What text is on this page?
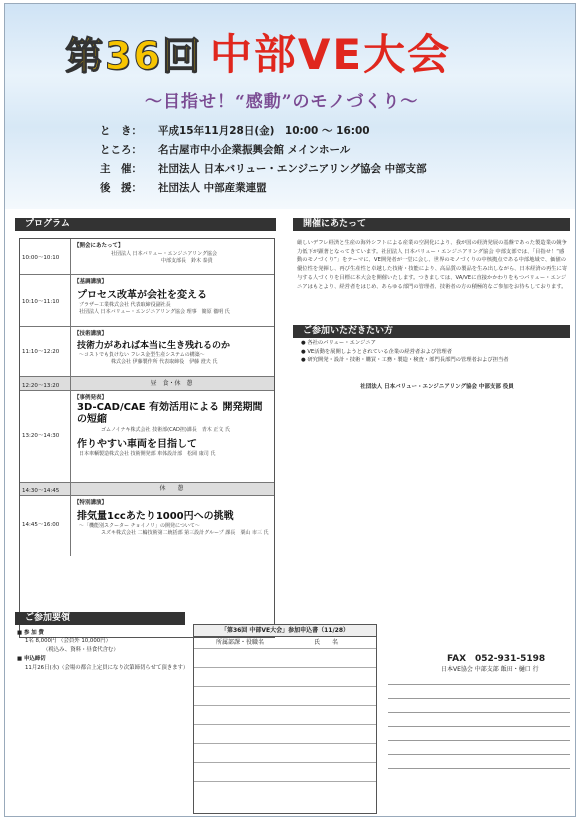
第36回 中部VE大会
〜目指せ！“感動”のモノづくり〜
と　き：	平成15年11月28日(金)　10:00 〜 16:00
ところ：	名古屋市中小企業振興会館 メインホール
主　催：	社団法人 日本バリュー・エンジニアリング協会 中部支部
後　援：	社団法人 中部産業連盟
プログラム	開催にあたって
10:00〜10:10
【開会にあたって】
社団法人 日本バリュー・エンジニアリング協会
中部支部長　鈴木 泰貴
10:10〜11:10
【基調講演】
プロセス改革が会社を変える
ブラザー工業株式会社 代表取締役副社長
社団法人 日本バリュー・エンジニアリング協会 理事　簡原 徹明 氏
11:10〜12:20
【技術講演】
技術力があれば本当に生き残れるのか
〜コストでも負けない フレス金型生産システムの構築〜
株式会社 伊藤製作所 代表取締役　伊藤 澄夫 氏
12:20〜13:20	昼　食・休　憩
13:20〜14:30
【事例発表】
3D-CAD/CAE 有効活用による 開発期間の短縮
ゴムノイナキ株式会社 技術部(CAD担)課長　青木 正文 氏
作りやすい車両を目指して
日本車輌製造株式会社 技術開発部 車体設計部　松岡 康司 氏
14:30〜14:45	休　　憩
14:45〜16:00
【特別講演】
排気量1ccあたり1000円への挑戦
〜「機能別スクーター チョイノリ」の開発について〜
スズキ株式会社 二輪技術第二統括部 第三設計グループ 課長　粟山 市三 氏
厳しいデフレ経済と生産の海外シフトによる産業の空洞化により、我が国の経済発展の基盤であった製造業の競争力低下が顕著となってきています。社団法人 日本バリュー・エンジニアリング協会 中部支部では、「目指せ！“感動のモノづくり”」をテーマに、VE開発者が一堂に会し、世界のモノづくりの中核拠点である中部地域で、価値の優位性を発揮し、再び生産性と卓越した技術・技能により、高品質の製品を生み出しながら、日本経済の再生に寄与する人づくりを目標に本大会を開催いたします。つきましては、VA/VEに直接かかわりをもつバリュー・エンジニアはもとより、経営者をはじめ、あらゆる部門の管理者、技術者の方の積極的なご参加をお待ちしております。
ご参加いただきたい方
● 各社のバリュー・エンジニア
● VE活動を展開しようとされている企業の経営者および管理者
● 研究開発・設計・技術・購買・工務・製造・検査・部門長部門の管理者および担当者
社団法人 日本バリュー・エンジニアリング協会 中部支部 役員
ご参加要領
■ 参 加 費
1名 8,000円 （会員外 10,000円）
（税込み、資料・昼食代含む）
■ 申込締切
11月26日(水)（会場の都合上定員になり次第締切らせて頂きます）
FAX　052-931-5198
日本VE協会 中部支部 飯田・樋口 行
「第36回 中部VE大会」参加申込書（11/28）
所属部課・役職名	氏　　名
